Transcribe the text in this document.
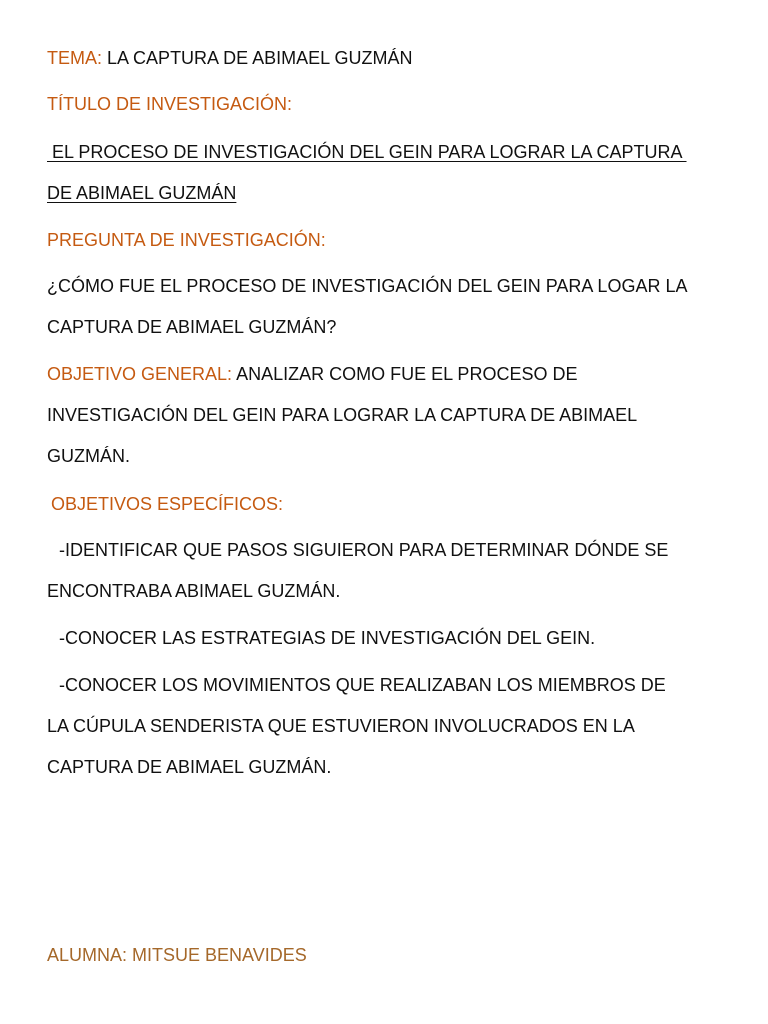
TEMA: LA CAPTURA DE ABIMAEL GUZMÁN
TÍTULO DE INVESTIGACIÓN:
EL PROCESO DE INVESTIGACIÓN DEL GEIN PARA LOGRAR LA CAPTURA
DE ABIMAEL GUZMÁN
PREGUNTA DE INVESTIGACIÓN:
¿CÓMO FUE EL PROCESO DE INVESTIGACIÓN DEL GEIN PARA LOGAR LA
CAPTURA DE ABIMAEL GUZMÁN?
OBJETIVO GENERAL: ANALIZAR COMO FUE EL PROCESO DE
INVESTIGACIÓN DEL GEIN PARA LOGRAR LA CAPTURA DE ABIMAEL
GUZMÁN.
OBJETIVOS ESPECÍFICOS:
-IDENTIFICAR QUE PASOS SIGUIERON PARA DETERMINAR DÓNDE SE
ENCONTRABA ABIMAEL GUZMÁN.
-CONOCER LAS ESTRATEGIAS DE INVESTIGACIÓN DEL GEIN.
-CONOCER LOS MOVIMIENTOS QUE REALIZABAN LOS MIEMBROS DE
LA CÚPULA SENDERISTA QUE ESTUVIERON INVOLUCRADOS EN LA
CAPTURA DE ABIMAEL GUZMÁN.
ALUMNA: MITSUE BENAVIDES
